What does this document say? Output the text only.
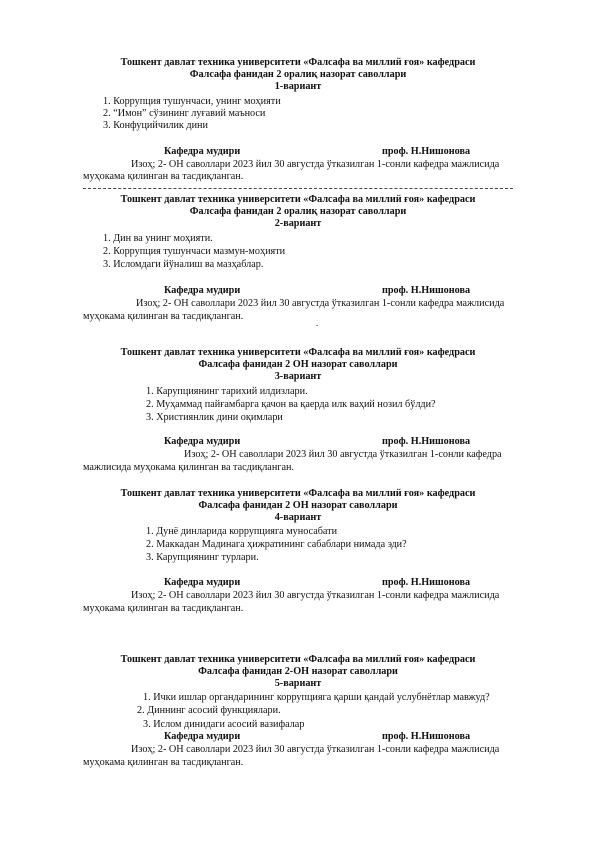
Тошкент давлат техника университети «Фалсафа ва миллий ғоя» кафедраси
Фалсафа фанидан 2 оралиқ назорат саволлари
1-вариант
1. Коррупция тушунчаси, унинг моҳияти
2. “Имон” сўзининг луғавий маъноси
3. Конфуцийчилик дини
Кафедра мудири	проф. Н.Нишонова
Изоҳ; 2- ОН саволлари 2023 йил 30 августда ўтказилган 1-сонли кафедра мажлисида
муҳокама қилинган ва тасдиқланган.
Тошкент давлат техника университети «Фалсафа ва миллий ғоя» кафедраси
Фалсафа фанидан 2 оралиқ назорат саволлари
2-вариант
1. Дин ва унинг моҳияти.
2. Коррупция тушунчаси мазмун-моҳияти
3. Исломдаги йўналиш ва мазҳаблар.
Кафедра мудири	проф. Н.Нишонова
Изоҳ; 2- ОН саволлари 2023 йил 30 августда ўтказилган 1-сонли кафедра мажлисида
муҳокама қилинган ва тасдиқланган.
.
Тошкент давлат техника университети «Фалсафа ва миллий ғоя» кафедраси
Фалсафа фанидан 2 ОН назорат саволлари
3-вариант
1. Карупциянинг тарихий илдизлари.
2. Муҳаммад пайғамбарга қачон ва қаерда илк ваҳий нозил бўлди?
3. Християнлик дини оқимлари
Кафедра мудири	проф. Н.Нишонова
Изоҳ; 2- ОН саволлари 2023 йил 30 августда ўтказилган 1-сонли кафедра
мажлисида муҳокама қилинган ва тасдиқланган.
Тошкент давлат техника университети «Фалсафа ва миллий ғоя» кафедраси
Фалсафа фанидан 2 ОН назорат саволлари
4-вариант
1. Дунё динларида коррупцияга муносабати
2. Маккадан Мадинага ҳижратининг сабаблари нимада эди?
3. Карупциянинг турлари.
Кафедра мудири	проф. Н.Нишонова
Изоҳ; 2- ОН саволлари 2023 йил 30 августда ўтказилган 1-сонли кафедра мажлисида
муҳокама қилинган ва тасдиқланган.
Тошкент давлат техника университети «Фалсафа ва миллий ғоя» кафедраси
Фалсафа фанидан 2-ОН назорат саволлари
5-вариант
1. Ички ишлар органдарининг коррупцияга қарши қандай услубнётлар мавжуд?
2. Диннинг асосий функциялари.
3. Ислом динидаги асосий вазифалар
Кафедра мудири	проф. Н.Нишонова
Изоҳ; 2- ОН саволлари 2023 йил 30 августда ўтказилган 1-сонли кафедра мажлисида
муҳокама қилинган ва тасдиқланган.
